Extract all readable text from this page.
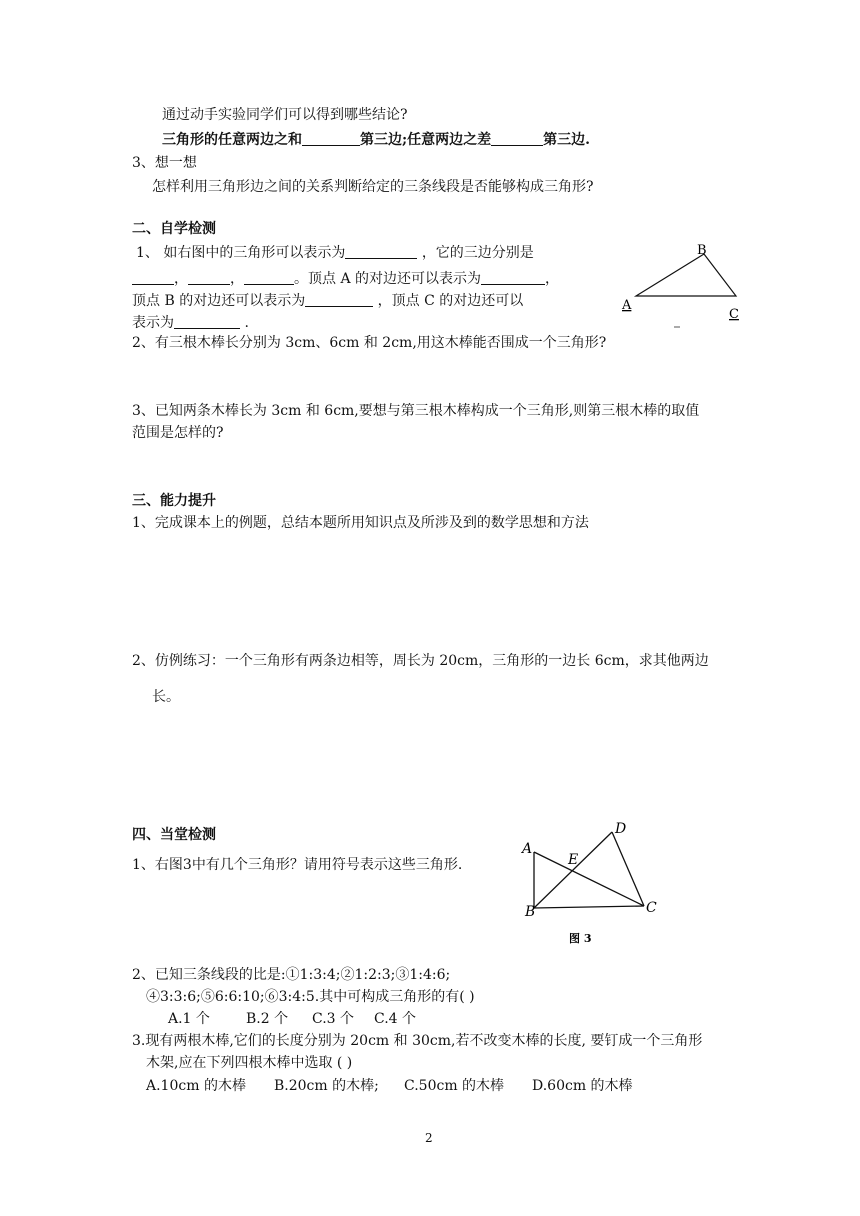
通过动手实验同学们可以得到哪些结论?
三角形的任意两边之和	第三边;任意两边之差	第三边.
3、想一想
怎样利用三角形边之间的关系判断给定的三条线段是否能够构成三角形?
二、自学检测
1、 如右图中的三角形可以表示为	，它的三边分别是
，	，	。顶点 A 的对边还可以表示为	，
顶点 B 的对边还可以表示为	，顶点 C 的对边还可以
表示为	.
B
A
C
2、有三根木棒长分别为 3cm、6cm 和 2cm,用这木棒能否围成一个三角形?
3、已知两条木棒长为 3cm 和 6cm,要想与第三根木棒构成一个三角形,则第三根木棒的取值
范围是怎样的?
三、能力提升
1、完成课本上的例题，总结本题所用知识点及所涉及到的数学思想和方法
2、仿例练习：一个三角形有两条边相等，周长为 20cm，三角形的一边长 6cm，求其他两边
长。
四、当堂检测
1、右图3中有几个三角形？请用符号表示这些三角形.
A
B	C
D
E
图 3
2、已知三条线段的比是:①1:3:4;②1:2:3;③1:4:6;
④3:3:6;⑤6:6:10;⑥3:4:5.其中可构成三角形的有( )
A.1 个	B.2 个 C.3 个 C.4 个
3.现有两根木棒,它们的长度分别为 20cm 和 30cm,若不改变木棒的长度, 要钉成一个三角形
木架,应在下列四根木棒中选取 ( )
A.10cm 的木棒 B.20cm 的木棒; C.50cm 的木棒 D.60cm 的木棒
2
